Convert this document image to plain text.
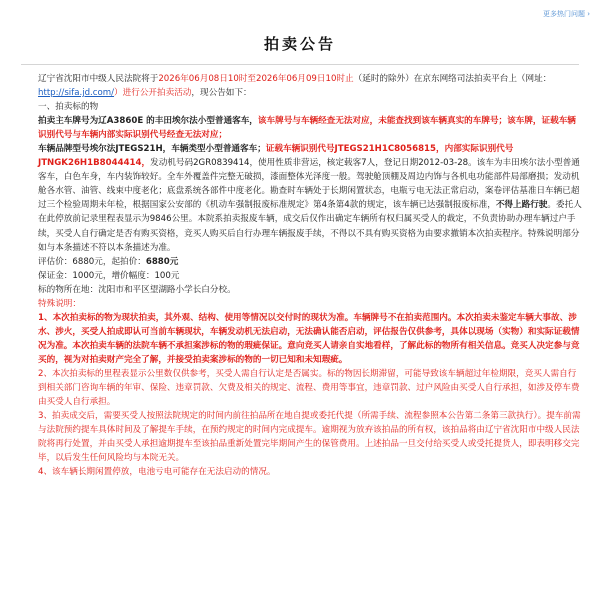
更多热门问题 ›
拍卖公告

辽宁省沈阳市中级人民法院将于2026年06月08日10时至2026年06月09日10时止（延时的除外）在京东网络司法拍卖平台上（网址：http://sifa.jd.com/）进行公开拍卖活动，现公告如下：

一、拍卖标的物

拍卖主车牌号为辽A3860E 的丰田埃尔法小型普通客车，该车牌号与车辆经查无法对应，未能查找到该车辆真实的车牌号；该车牌，证载车辆识别代号与车辆内部实际识别代号经查无法对应；

车辆品牌型号埃尔法JTEGS21H，车辆类型小型普通客车；证载车辆识别代号JTEGS21H1C8056815，内部实际识别代号JTNGK26H1B8044414，发动机号码2GR0839414，使用性质非营运，核定载客7人，登记日期2012-03-28。该车为丰田埃尔法小型普通客车，白色车身，车内装饰较好。全车外覆盖件完整无破损，漆面整体光泽度一般。驾驶舱顶棚及周边内饰与各机电功能部件局部磨损；发动机舱各水管、油管、线束中度老化；底盘系统各部件中度老化。勘查时车辆处于长期闲置状态，电瓶亏电无法正常启动，案卷评估基准日车辆已超过三个检验周期未年检，根据国家公安部的《机动车强制报废标准规定》第4条第4款的规定，该车辆已达强制报废标准，不得上路行驶。委托人在此停放前记录里程表显示为9846公里。本院系拍卖报废车辆，成交后仅作出确定车辆所有权归属买受人的裁定，不负责协助办理车辆过户手续，买受人自行确定是否有购买资格，竞买人购买后自行办理车辆报废手续，不得以不具有购买资格为由要求撤销本次拍卖程序。特殊说明部分如与本条描述不符以本条描述为准。

评估价：6880元，起拍价：6880元

保证金：1000元，增价幅度：100元

标的物所在地：沈阳市和平区望湖路小学长白分校。

特殊说明：

1、本次拍卖标的物为现状拍卖，其外观、结构、使用等情况以交付时的现状为准。车辆牌号不在拍卖范围内。本次拍卖未鉴定车辆大事故、涉水、涉火，买受人拍成即认可当前车辆现状，车辆发动机无法启动，无法确认能否启动，评估报告仅供参考，具体以现场（实物）和实际证载情况为准。本次拍卖车辆的法院车辆不承担案涉标的物的瑕疵保证。意向竞买人请亲自实地看样，了解此标的物所有相关信息。竞买人决定参与竞买的，视为对拍卖财产完全了解，并接受拍卖案涉标的物的一切已知和未知瑕疵。

2、本次拍卖标的里程表显示公里数仅供参考，买受人需自行认定是否属实。标的物因长期滞留，可能导致该车辆超过年检期限，竞买人需自行到相关部门咨询车辆的年审、保险、违章罚款、欠费及相关的规定、流程、费用等事宜，违章罚款、过户风险由买受人自行承担，如涉及停车费由买受人自行承担。

3、拍卖成交后，需要买受人按照法院规定的时间内前往拍品所在地自提或委托代提（所需手续、流程参照本公告第二条第三款执行）。提车前需与法院预约提车具体时间及了解提车手续，在预约规定的时间内完成提车。逾期视为放弃该拍品的所有权，该拍品将由辽宁省沈阳市中级人民法院将再行处置，并由买受人承担逾期提车至该拍品重新处置完毕期间产生的保管费用。上述拍品一旦交付给买受人或受托提货人，即表明移交完毕，以后发生任何风险均与本院无关。

4、该车辆长期闲置停放，电池亏电可能存在无法启动的情况。
